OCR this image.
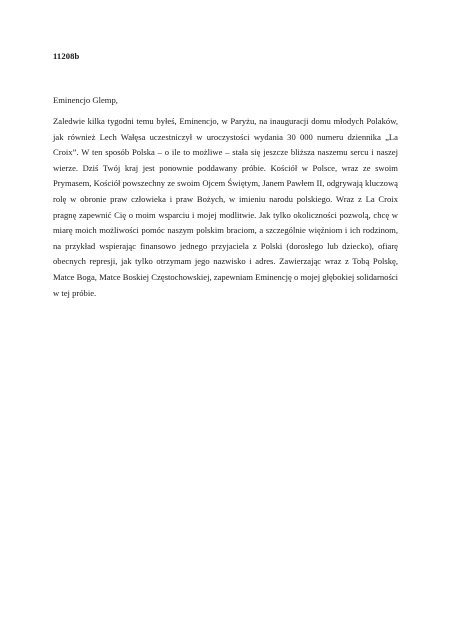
11208b
Eminencjo Glemp,

Zaledwie kilka tygodni temu byłeś, Eminencjo, w Paryżu, na inauguracji domu młodych Polaków, jak również Lech Wałęsa uczestniczył w uroczystości wydania 30 000 numeru dziennika „La Croix”. W ten sposób Polska – o ile to możliwe – stała się jeszcze bliższa naszemu sercu i naszej wierze. Dziś Twój kraj jest ponownie poddawany próbie. Kościół w Polsce, wraz ze swoim Prymasem, Kościół powszechny ze swoim Ojcem Świętym, Janem Pawłem II, odgrywają kluczową rolę w obronie praw człowieka i praw Bożych, w imieniu narodu polskiego. Wraz z La Croix pragnę zapewnić Cię o moim wsparciu i mojej modlitwie. Jak tylko okoliczności pozwolą, chcę w miarę moich możliwości pomóc naszym polskim braciom, a szczególnie więźniom i ich rodzinom, na przykład wspierając finansowo jednego przyjaciela z Polski (dorosłego lub dziecko), ofiarę obecnych represji, jak tylko otrzymam jego nazwisko i adres. Zawierzając wraz z Tobą Polskę, Matce Boga, Matce Boskiej Częstochowskiej, zapewniam Eminencję o mojej głębokiej solidarności w tej próbie.
